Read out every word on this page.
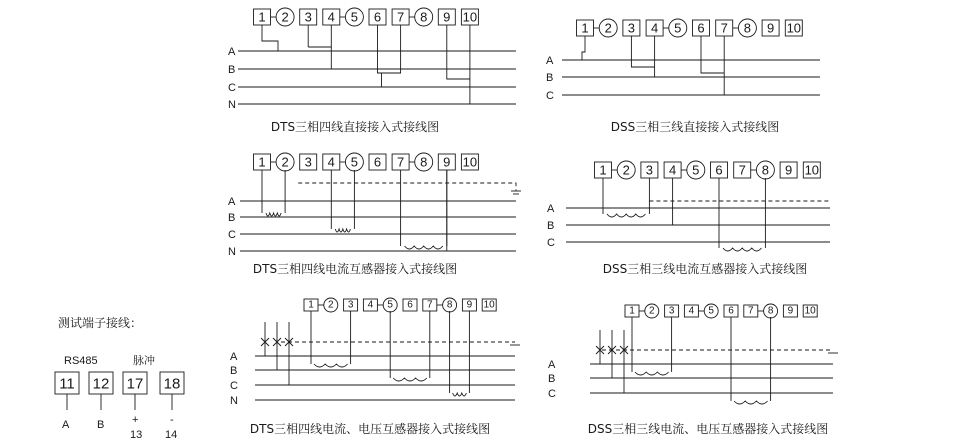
1 2 3 4 5 6 7 8 9 10
A
B
C
N
1 2 3 4 5 6 7 8 9 10
A
B
C
1 2 3 4 5 6 7 8 9 10
A
B
C
N
1 2 3 4 5 6 7 8 9 10
A
B
C
1 2 3 4 5 6 7 8 9 10
A
B
C
N
1 2 3 4 5 6 7 8 9 10
A
B
C
DTS三相四线直接接入式接线图	DSS三相三线直接接入式接线图
DTS三相四线电流互感器接入式接线图	DSS三相三线电流互感器接入式接线图
DTS三相四线电流、电压互感器接入式接线图	DSS三相三线电流、电压互感器接入式接线图
测试端子接线：
RS485	脉冲
11
A
12
B
17
+
13
18
-
14
